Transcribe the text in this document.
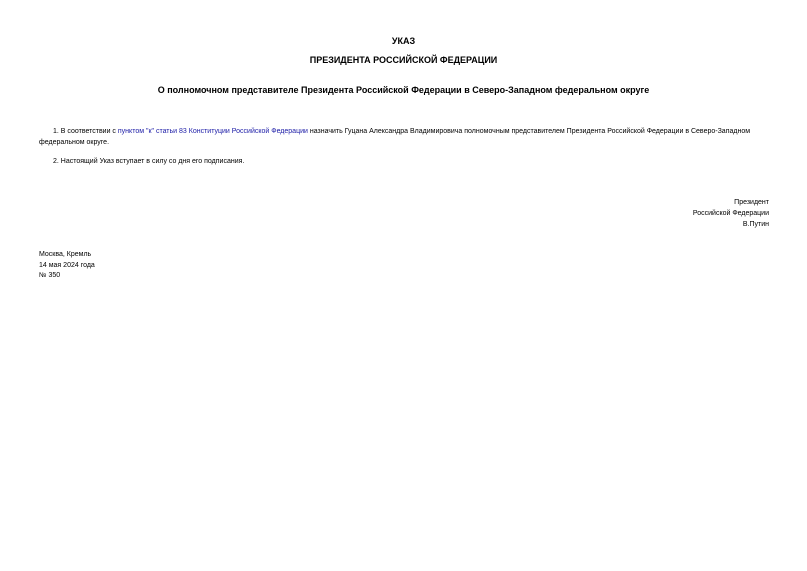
УКАЗ
ПРЕЗИДЕНТА РОССИЙСКОЙ ФЕДЕРАЦИИ
О полномочном представителе Президента Российской Федерации в Северо-Западном федеральном округе
1. В соответствии с пунктом "к" статьи 83 Конституции Российской Федерации назначить Гуцана Александра Владимировича полномочным представителем Президента Российской Федерации в Северо-Западном федеральном округе.
2. Настоящий Указ вступает в силу со дня его подписания.
Президент
Российской Федерации
В.Путин
Москва, Кремль
14 мая 2024 года
№ 350
